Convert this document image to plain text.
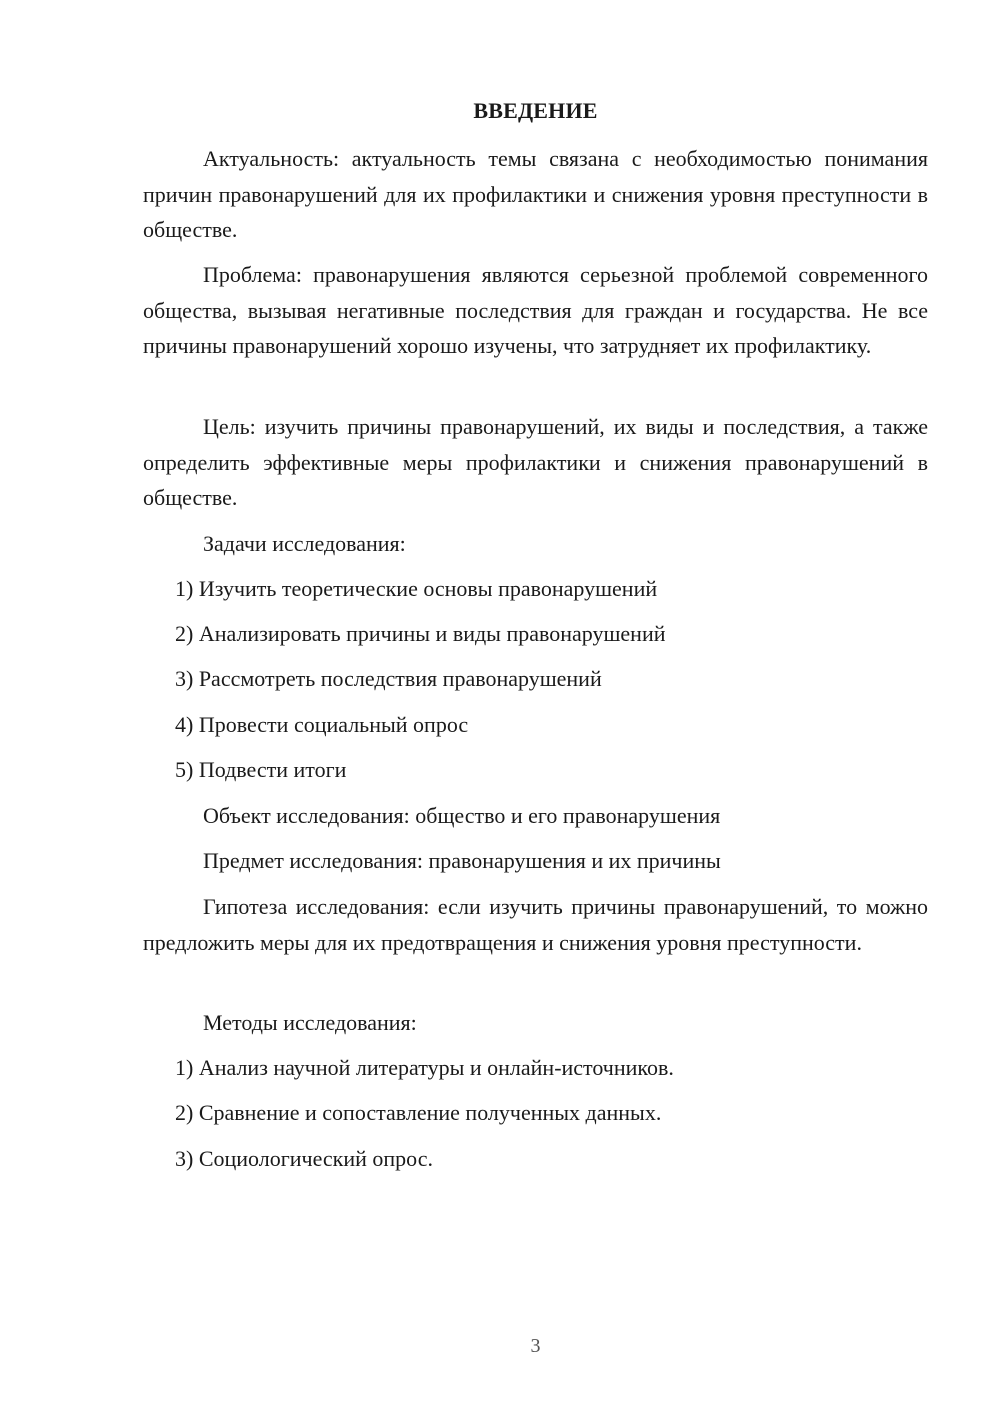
ВВЕДЕНИЕ

Актуальность: актуальность темы связана с необходимостью понимания причин правонарушений для их профилактики и снижения уровня преступности в обществе.

Проблема: правонарушения являются серьезной проблемой современного общества, вызывая негативные последствия для граждан и государства. Не все причины правонарушений хорошо изучены, что затрудняет их профилактику.

Цель: изучить причины правонарушений, их виды и последствия, а также определить эффективные меры профилактики и снижения правонарушений в обществе.

Задачи исследования:

1) Изучить теоретические основы правонарушений

2) Анализировать причины и виды правонарушений

3) Рассмотреть последствия правонарушений

4) Провести социальный опрос

5) Подвести итоги

Объект исследования: общество и его правонарушения

Предмет исследования: правонарушения и их причины

Гипотеза исследования: если изучить причины правонарушений, то можно предложить меры для их предотвращения и снижения уровня преступности.

Методы исследования:

1) Анализ научной литературы и онлайн-источников.

2) Сравнение и сопоставление полученных данных.

3) Социологический опрос.

3
